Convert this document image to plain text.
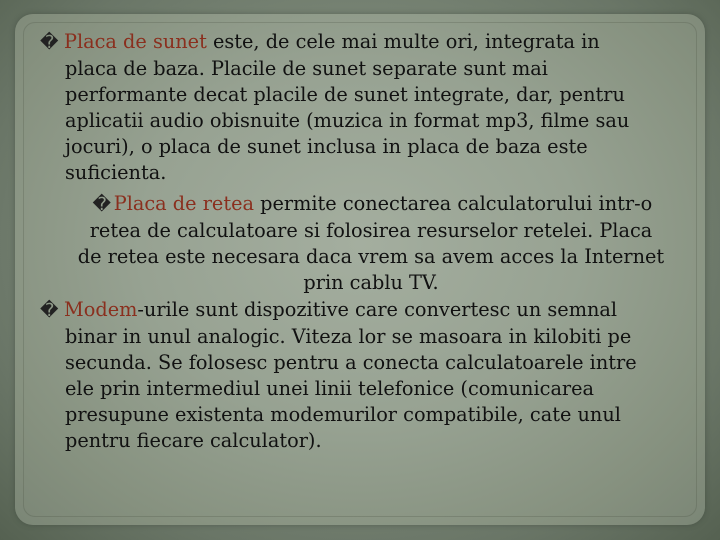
� Placa de sunet este, de cele mai multe ori, integrata in
placa de baza. Placile de sunet separate sunt mai
performante decat placile de sunet integrate, dar, pentru
aplicatii audio obisnuite (muzica in format mp3, filme sau
jocuri), o placa de sunet inclusa in placa de baza este
suficienta.
� Placa de retea permite conectarea calculatorului intr-o
retea de calculatoare si folosirea resurselor retelei. Placa
de retea este necesara daca vrem sa avem acces la Internet
prin cablu TV.
� Modem-urile sunt dispozitive care convertesc un semnal
binar in unul analogic. Viteza lor se masoara in kilobiti pe
secunda. Se folosesc pentru a conecta calculatoarele intre
ele prin intermediul unei linii telefonice (comunicarea
presupune existenta modemurilor compatibile, cate unul
pentru fiecare calculator).
